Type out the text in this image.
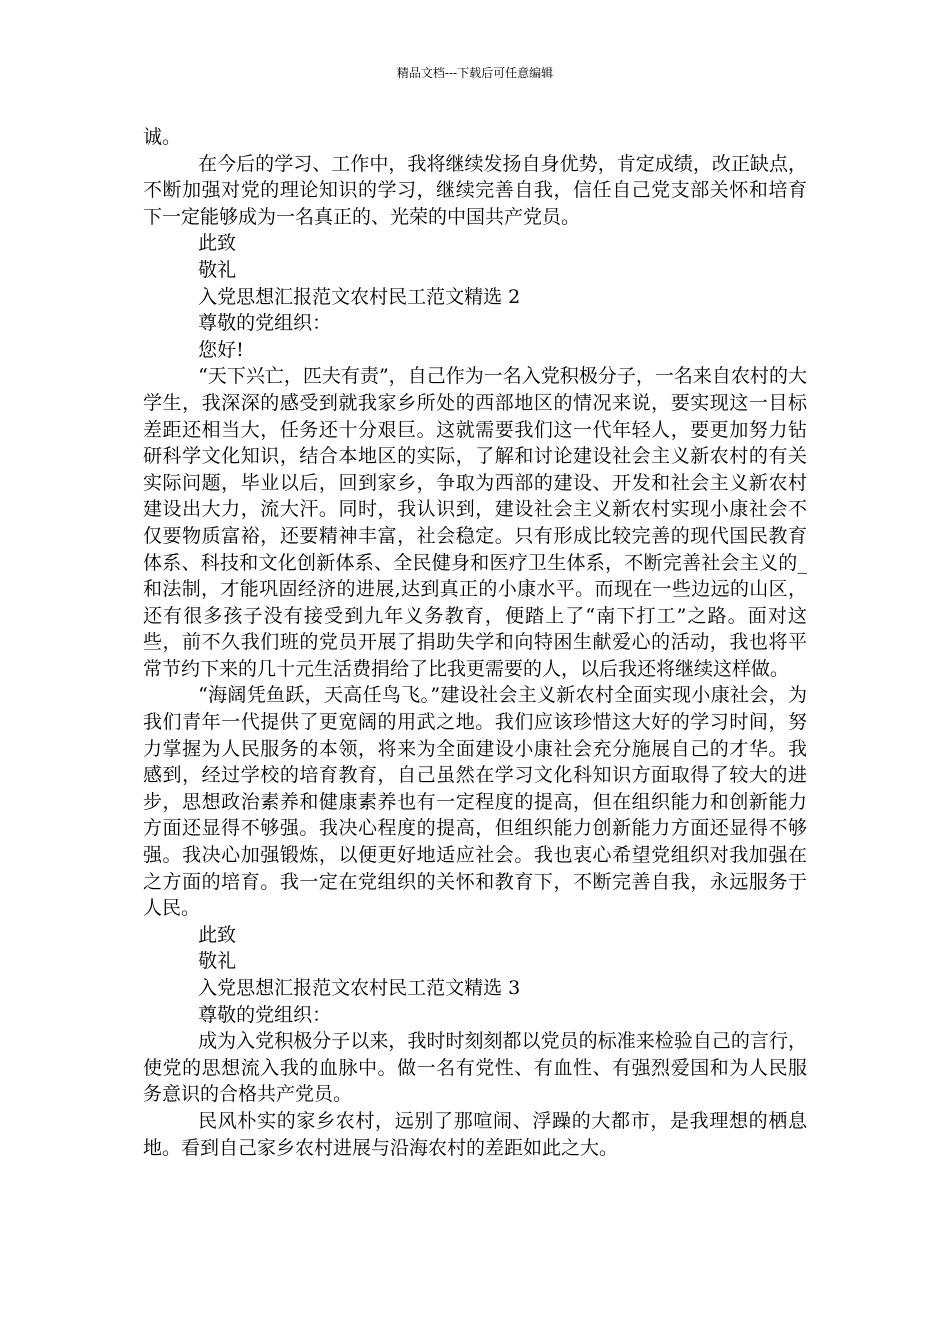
精品文档---下载后可任意编辑

诚。

在今后的学习、工作中，我将继续发扬自身优势，肯定成绩，改正缺点，不断加强对党的理论知识的学习，继续完善自我，信任自己党支部关怀和培育下一定能够成为一名真正的、光荣的中国共产党员。

此致

敬礼

入党思想汇报范文农村民工范文精选 2

尊敬的党组织：

您好!

“天下兴亡，匹夫有责”，自己作为一名入党积极分子，一名来自农村的大学生，我深深的感受到就我家乡所处的西部地区的情况来说，要实现这一目标差距还相当大，任务还十分艰巨。这就需要我们这一代年轻人，要更加努力钻研科学文化知识，结合本地区的实际，了解和讨论建设社会主义新农村的有关实际问题，毕业以后，回到家乡，争取为西部的建设、开发和社会主义新农村建设出大力，流大汗。同时，我认识到，建设社会主义新农村实现小康社会不仅要物质富裕，还要精神丰富，社会稳定。只有形成比较完善的现代国民教育体系、科技和文化创新体系、全民健身和医疗卫生体系，不断完善社会主义的_和法制，才能巩固经济的进展,达到真正的小康水平。而现在一些边远的山区，还有很多孩子没有接受到九年义务教育，便踏上了“南下打工”之路。面对这些，前不久我们班的党员开展了捐助失学和向特困生献爱心的活动，我也将平常节约下来的几十元生活费捐给了比我更需要的人，以后我还将继续这样做。

“海阔凭鱼跃，天高任鸟飞。”建设社会主义新农村全面实现小康社会，为我们青年一代提供了更宽阔的用武之地。我们应该珍惜这大好的学习时间，努力掌握为人民服务的本领，将来为全面建设小康社会充分施展自己的才华。我感到，经过学校的培育教育，自己虽然在学习文化科知识方面取得了较大的进步，思想政治素养和健康素养也有一定程度的提高，但在组织能力和创新能力方面还显得不够强。我决心程度的提高，但组织能力创新能力方面还显得不够强。我决心加强锻炼，以便更好地适应社会。我也衷心希望党组织对我加强在之方面的培育。我一定在党组织的关怀和教育下，不断完善自我，永远服务于人民。

此致

敬礼

入党思想汇报范文农村民工范文精选 3

尊敬的党组织：

成为入党积极分子以来，我时时刻刻都以党员的标准来检验自己的言行，使党的思想流入我的血脉中。做一名有党性、有血性、有强烈爱国和为人民服务意识的合格共产党员。

民风朴实的家乡农村，远别了那喧闹、浮躁的大都市，是我理想的栖息地。看到自己家乡农村进展与沿海农村的差距如此之大。
